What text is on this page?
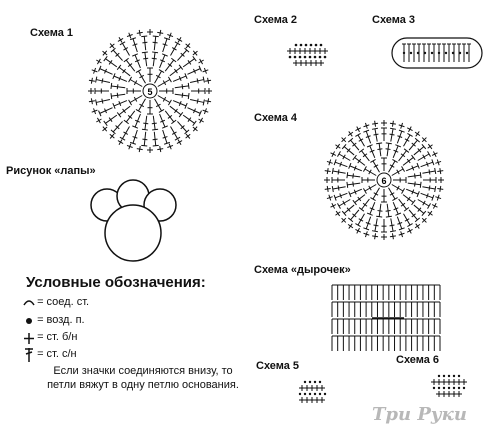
Схема 1
Схема 2	Схема 3
Схема 4
Рисунок «лапы»
Схема «дырочек»
Схема 5	Схема 6
Условные обозначения:
= соед. ст.
= возд. п.
= ст. б/н
= ст. с/н
Если значки соединяются внизу, то
петли вяжут в одну петлю основания.
Три Руки
5
6
